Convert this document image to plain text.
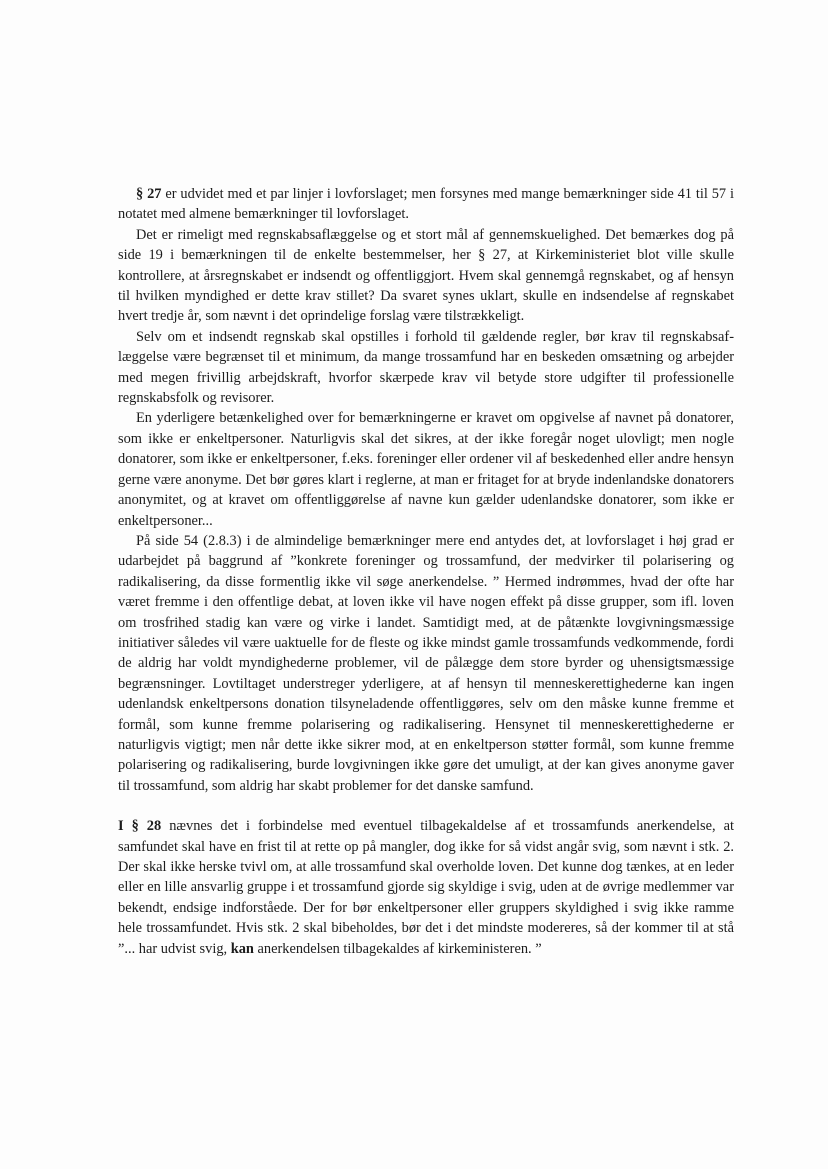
§ 27 er udvidet med et par linjer i lovforslaget; men forsynes med mange bemærkninger side 41 til 57 i notatet med almene bemærkninger til lovforslaget.

Det er rimeligt med regnskabsaflæggelse og et stort mål af gennemskuelighed. Det bemærkes dog på side 19 i bemærkningen til de enkelte bestemmelser, her § 27, at Kirkeministeriet blot ville skulle kontrollere, at årsregnskabet er indsendt og offentliggjort. Hvem skal gennemgå regnskabet, og af hensyn til hvilken myndighed er dette krav stillet? Da svaret synes uklart, skulle en indsendelse af regnskabet hvert tredje år, som nævnt i det oprindelige forslag være tilstrækkeligt.

Selv om et indsendt regnskab skal opstilles i forhold til gældende regler, bør krav til regnskabsaflæggelse være begrænset til et minimum, da mange trossamfund har en beskeden omsætning og arbejder med megen frivillig arbejdskraft, hvorfor skærpede krav vil betyde store udgifter til professionelle regnskabsfolk og revisorer.

En yderligere betænkelighed over for bemærkningerne er kravet om opgivelse af navnet på donatorer, som ikke er enkeltpersoner. Naturligvis skal det sikres, at der ikke foregår noget ulovligt; men nogle donatorer, som ikke er enkeltpersoner, f.eks. foreninger eller ordener vil af beskedenhed eller andre hensyn gerne være anonyme. Det bør gøres klart i reglerne, at man er fritaget for at bryde indenlandske donatorers anonymitet, og at kravet om offentliggørelse af navne kun gælder udenlandske donatorer, som ikke er enkeltpersoner...

På side 54 (2.8.3) i de almindelige bemærkninger mere end antydes det, at lovforslaget i høj grad er udarbejdet på baggrund af ”konkrete foreninger og trossamfund, der medvirker til polarisering og radikalisering, da disse formentlig ikke vil søge anerkendelse. ” Hermed indrømmes, hvad der ofte har været fremme i den offentlige debat, at loven ikke vil have nogen effekt på disse grupper, som ifl. loven om trosfrihed stadig kan være og virke i landet. Samtidigt med, at de påtænkte lovgivningsmæssige initiativer således vil være uaktuelle for de fleste og ikke mindst gamle trossamfunds vedkommende, fordi de aldrig har voldt myndighederne problemer, vil de pålægge dem store byrder og uhensigtsmæssige begrænsninger. Lovtiltaget understreger yderligere, at af hensyn til menneskerettighederne kan ingen udenlandsk enkeltpersons donation tilsyneladende offentliggøres, selv om den måske kunne fremme et formål, som kunne fremme polarisering og radikalisering. Hensynet til menneskerettighederne er naturligvis vigtigt; men når dette ikke sikrer mod, at en enkeltperson støtter formål, som kunne fremme polarisering og radikalisering, burde lovgivningen ikke gøre det umuligt, at der kan gives anonyme gaver til trossamfund, som aldrig har skabt problemer for det danske samfund.

I § 28 nævnes det i forbindelse med eventuel tilbagekaldelse af et trossamfunds anerkendelse, at samfundet skal have en frist til at rette op på mangler, dog ikke for så vidst angår svig, som nævnt i stk. 2. Der skal ikke herske tvivl om, at alle trossamfund skal overholde loven. Det kunne dog tænkes, at en leder eller en lille ansvarlig gruppe i et trossamfund gjorde sig skyldige i svig, uden at de øvrige medlemmer var bekendt, endsige indforståede. Der for bør enkeltpersoner eller gruppers skyldighed i svig ikke ramme hele trossamfundet. Hvis stk. 2 skal bibeholdes, bør det i det mindste modereres, så der kommer til at stå ”... har udvist svig, kan anerkendelsen tilbagekaldes af kirkeministeren. ”
